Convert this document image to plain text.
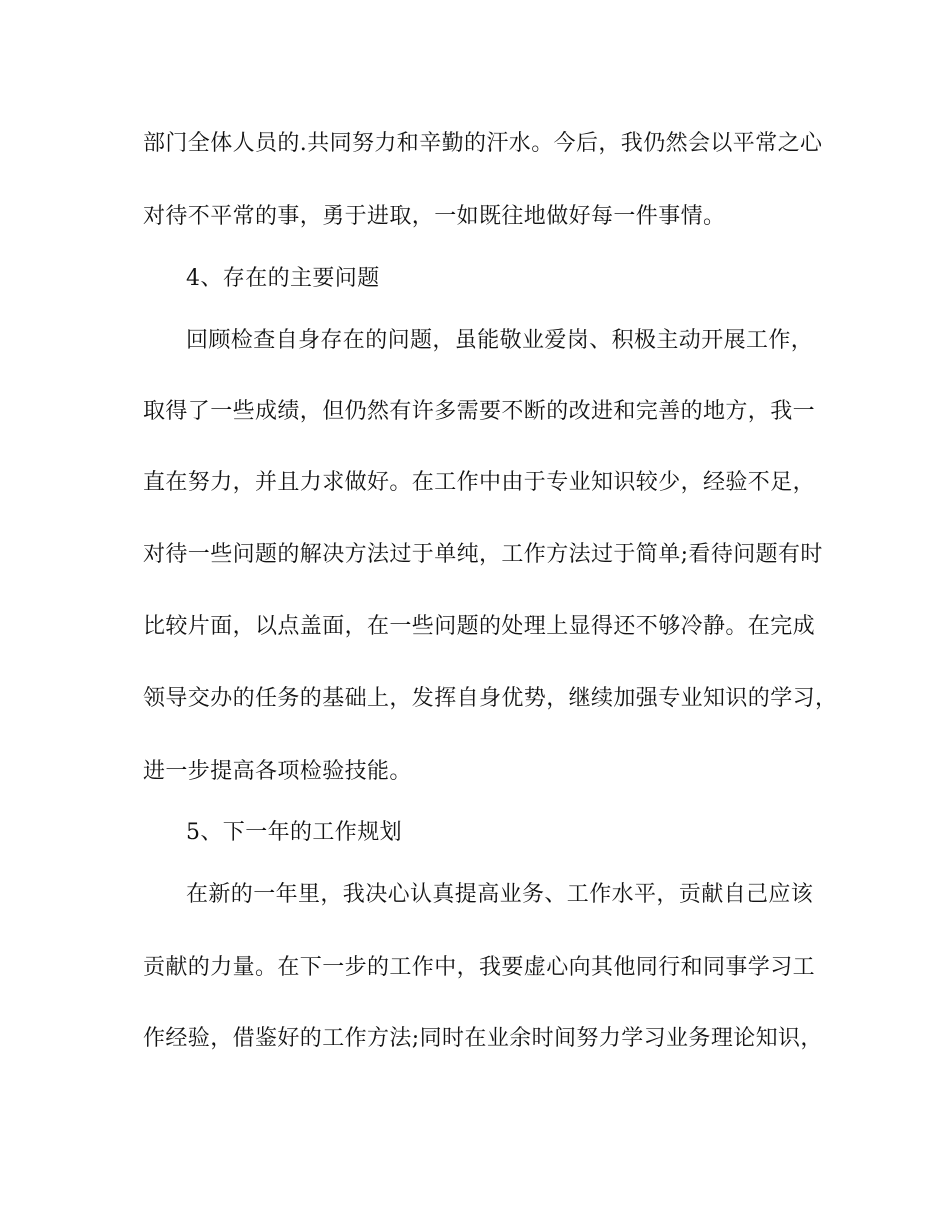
部门全体人员的.共同努力和辛勤的汗水。今后，我仍然会以平常之心
对待不平常的事，勇于进取，一如既往地做好每一件事情。
4、存在的主要问题
回顾检查自身存在的问题，虽能敬业爱岗、积极主动开展工作，
取得了一些成绩，但仍然有许多需要不断的改进和完善的地方，我一
直在努力，并且力求做好。在工作中由于专业知识较少，经验不足，
对待一些问题的解决方法过于单纯，工作方法过于简单;看待问题有时
比较片面，以点盖面，在一些问题的处理上显得还不够冷静。在完成
领导交办的任务的基础上，发挥自身优势，继续加强专业知识的学习，
进一步提高各项检验技能。
5、下一年的工作规划
在新的一年里，我决心认真提高业务、工作水平，贡献自己应该
贡献的力量。在下一步的工作中，我要虚心向其他同行和同事学习工
作经验，借鉴好的工作方法;同时在业余时间努力学习业务理论知识，
